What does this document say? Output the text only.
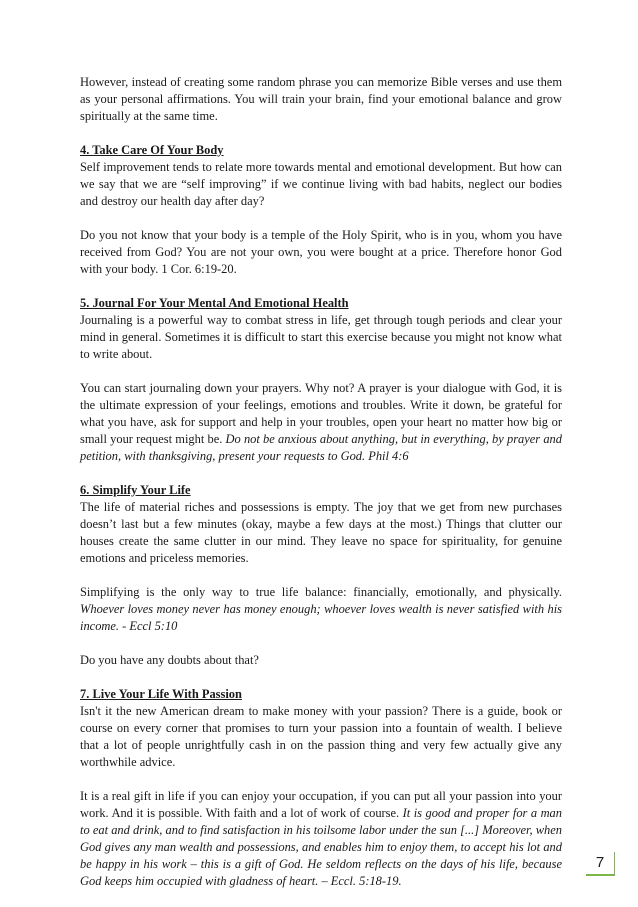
However, instead of creating some random phrase you can memorize Bible verses and use them as your personal affirmations. You will train your brain, find your emotional balance and grow spiritually at the same time.

4. Take Care Of Your Body

Self improvement tends to relate more towards mental and emotional development. But how can we say that we are “self improving” if we continue living with bad habits, neglect our bodies and destroy our health day after day?

Do you not know that your body is a temple of the Holy Spirit, who is in you, whom you have received from God? You are not your own, you were bought at a price. Therefore honor God with your body. 1 Cor. 6:19-20.

5. Journal For Your Mental And Emotional Health

Journaling is a powerful way to combat stress in life, get through tough periods and clear your mind in general. Sometimes it is difficult to start this exercise because you might not know what to write about.

You can start journaling down your prayers. Why not? A prayer is your dialogue with God, it is the ultimate expression of your feelings, emotions and troubles. Write it down, be grateful for what you have, ask for support and help in your troubles, open your heart no matter how big or small your request might be. Do not be anxious about anything, but in everything, by prayer and petition, with thanksgiving, present your requests to God. Phil 4:6

6. Simplify Your Life

The life of material riches and possessions is empty. The joy that we get from new purchases doesn’t last but a few minutes (okay, maybe a few days at the most.) Things that clutter our houses create the same clutter in our mind. They leave no space for spirituality, for genuine emotions and priceless memories.

Simplifying is the only way to true life balance: financially, emotionally, and physically. Whoever loves money never has money enough; whoever loves wealth is never satisfied with his income. - Eccl 5:10

Do you have any doubts about that?

7. Live Your Life With Passion

Isn't it the new American dream to make money with your passion? There is a guide, book or course on every corner that promises to turn your passion into a fountain of wealth. I believe that a lot of people unrightfully cash in on the passion thing and very few actually give any worthwhile advice.

It is a real gift in life if you can enjoy your occupation, if you can put all your passion into your work. And it is possible. With faith and a lot of work of course. It is good and proper for a man to eat and drink, and to find satisfaction in his toilsome labor under the sun [...] Moreover, when God gives any man wealth and possessions, and enables him to enjoy them, to accept his lot and be happy in his work – this is a gift of God. He seldom reflects on the days of his life, because God keeps him occupied with gladness of heart. – Eccl. 5:18-19.

7
